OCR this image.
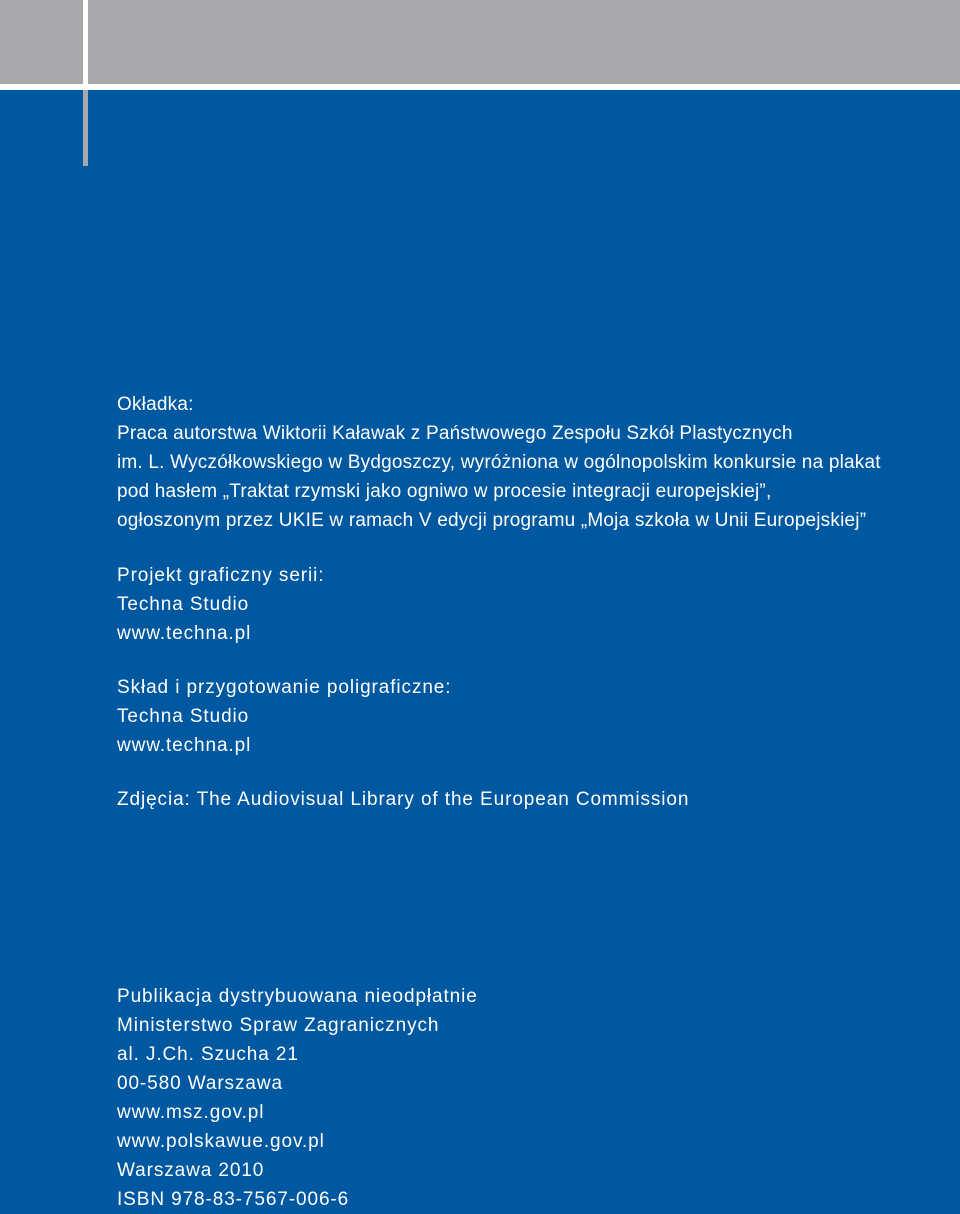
Okładka:
Praca autorstwa Wiktorii Kaławak z Państwowego Zespołu Szkół Plastycznych
im. L. Wyczółkowskiego w Bydgoszczy, wyróżniona w ogólnopolskim konkursie na plakat
pod hasłem „Traktat rzymski jako ogniwo w procesie integracji europejskiej”,
ogłoszonym przez UKIE w ramach V edycji programu „Moja szkoła w Unii Europejskiej”
Projekt graficzny serii:
Techna Studio
www.techna.pl
Skład i przygotowanie poligraficzne:
Techna Studio
www.techna.pl
Zdjęcia: The Audiovisual Library of the European Commission
Publikacja dystrybuowana nieodpłatnie
Ministerstwo Spraw Zagranicznych
al. J.Ch. Szucha 21
00-580 Warszawa
www.msz.gov.pl
www.polskawue.gov.pl
Warszawa 2010
ISBN 978-83-7567-006-6
